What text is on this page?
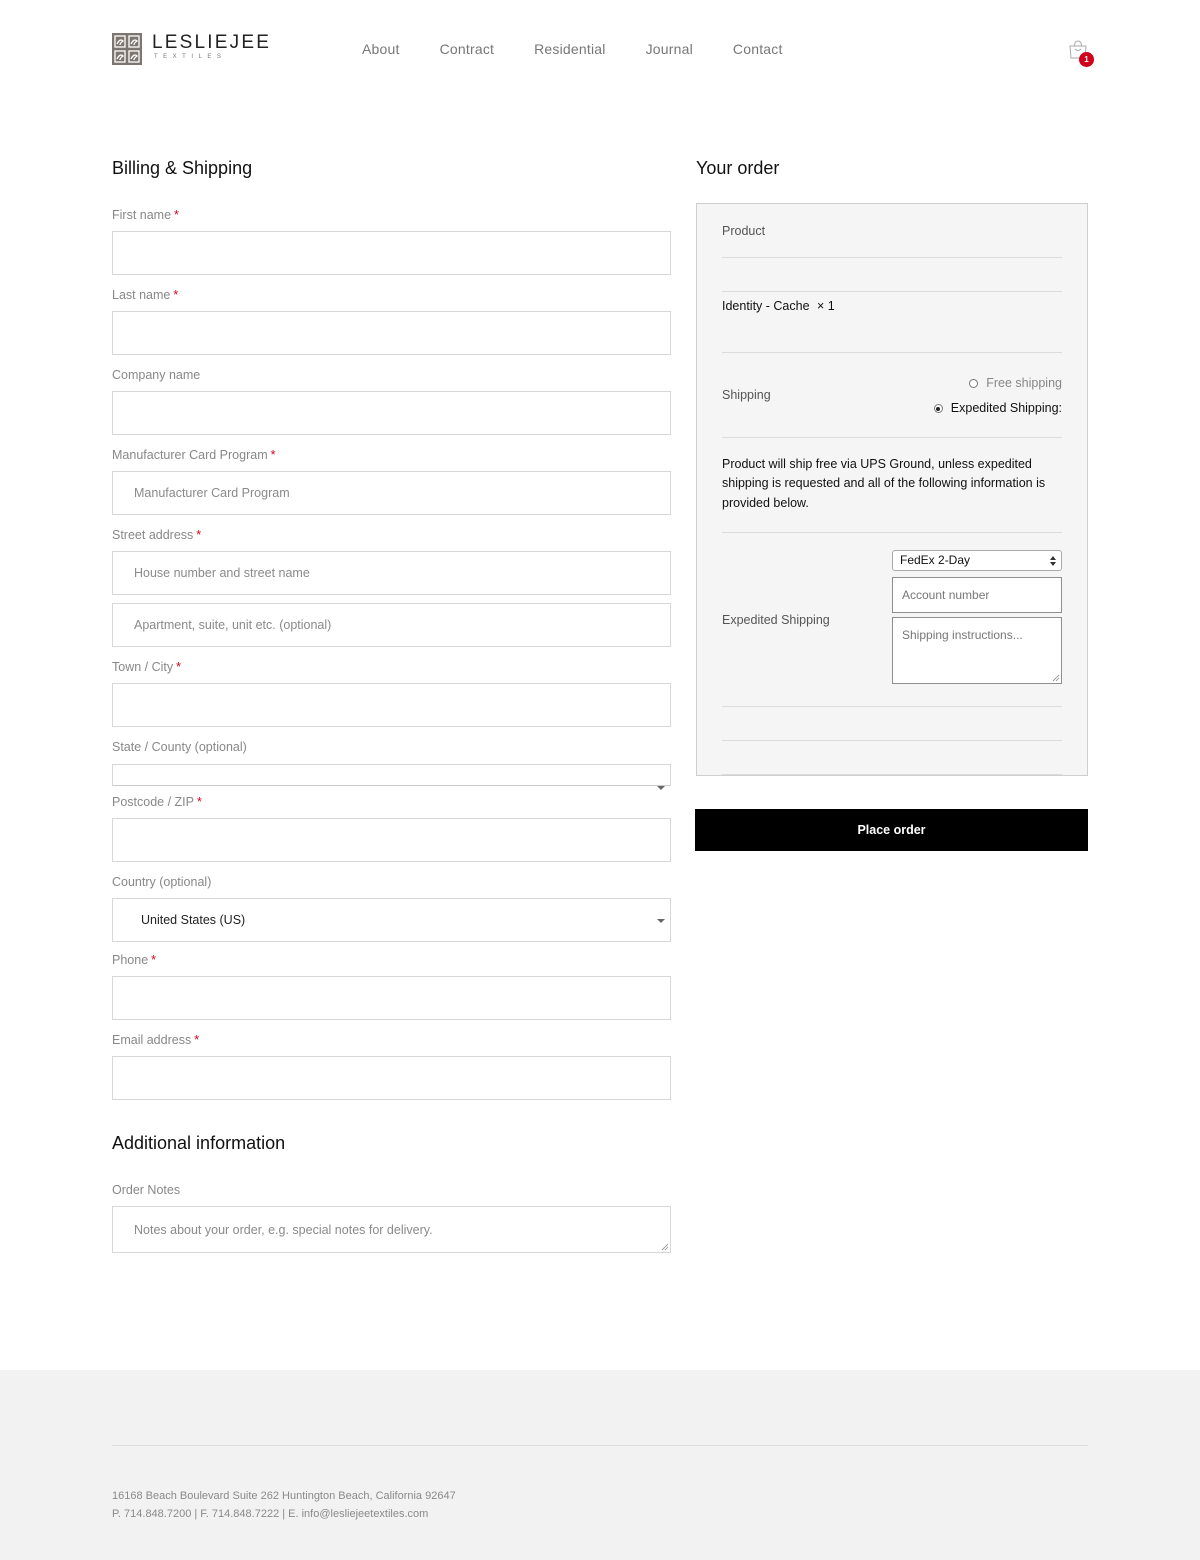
LESLIEJEE
TEXTILES	About	Contract	Residential	Journal	Contact
1
Billing & Shipping
First name *
Last name *
Company name
Manufacturer Card Program *
Manufacturer Card Program
Street address *
House number and street name
Apartment, suite, unit etc. (optional)
Town / City *
State / County (optional)
Postcode / ZIP *
Country (optional)
United States (US)
Phone *
Email address *
Additional information
Order Notes
Notes about your order, e.g. special notes for delivery.
Your order
Product
Identity - Cache × 1
Shipping
Free shipping
Expedited Shipping:
Product will ship free via UPS Ground, unless expedited shipping is requested and all of the following information is provided below.
Expedited Shipping
FedEx 2-Day
Account number
Shipping instructions...
Place order
16168 Beach Boulevard Suite 262 Huntington Beach, California 92647
P. 714.848.7200 | F. 714.848.7222 | E. info@lesliejeetextiles.com
